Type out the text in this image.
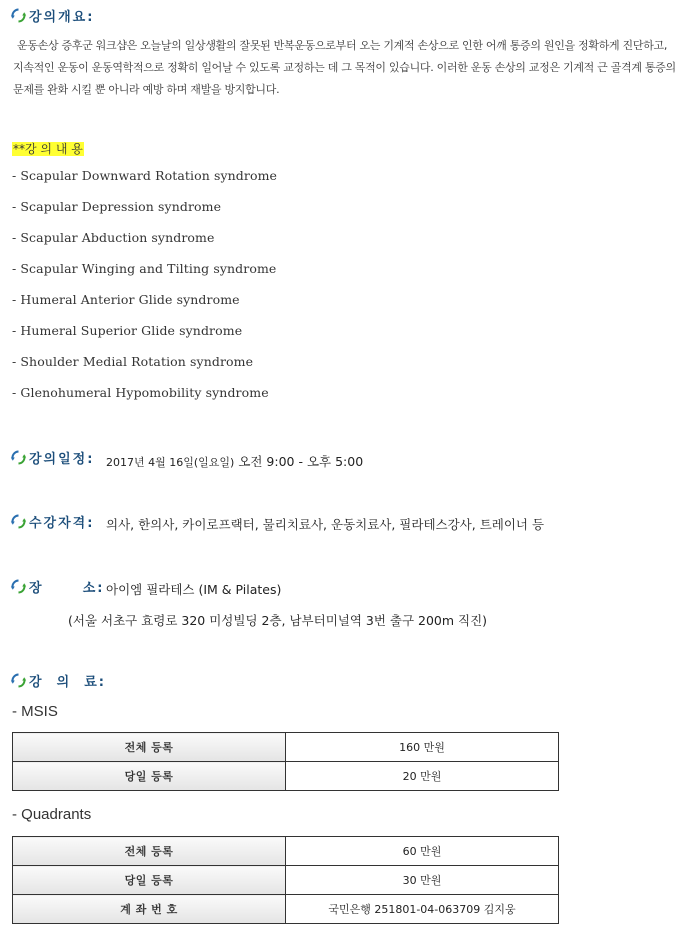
강의개요:
운동손상 증후군 워크샵은 오늘날의 일상생활의 잘못된 반복운동으로부터 오는 기계적 손상으로 인한 어깨 통증의 원인을 정확하게 진단하고, 지속적인 운동이 운동역학적으로 정확히 일어날 수 있도록 교정하는 데 그 목적이 있습니다. 이러한 운동 손상의 교정은 기계적 근 골격계 통증의 문제를 완화 시킬 뿐 아니라 예방 하며 재발을 방지합니다.
**강 의 내 용
- Scapular Downward Rotation syndrome
- Scapular Depression syndrome
- Scapular Abduction syndrome
- Scapular Winging and Tilting syndrome
- Humeral Anterior Glide syndrome
- Humeral Superior Glide syndrome
- Shoulder Medial Rotation syndrome
- Glenohumeral Hypomobility syndrome
강의일정: 2017년 4월 16일(일요일) 오전 9:00 - 오후 5:00
수강자격: 의사, 한의사, 카이로프랙터, 물리치료사, 운동치료사, 필라테스강사, 트레이너 등
장      소: 아이엠 필라테스 (IM & Pilates)
(서울 서초구 효령로 320 미성빌딩 2층, 남부터미널역 3번 출구 200m 직진)
강  의  료:
- MSIS
전체 등록	160 만원
당일 등록	20 만원
- Quadrants
전체 등록	60 만원
당일 등록	30 만원
계 좌 번 호	국민은행 251801-04-063709 김지웅
